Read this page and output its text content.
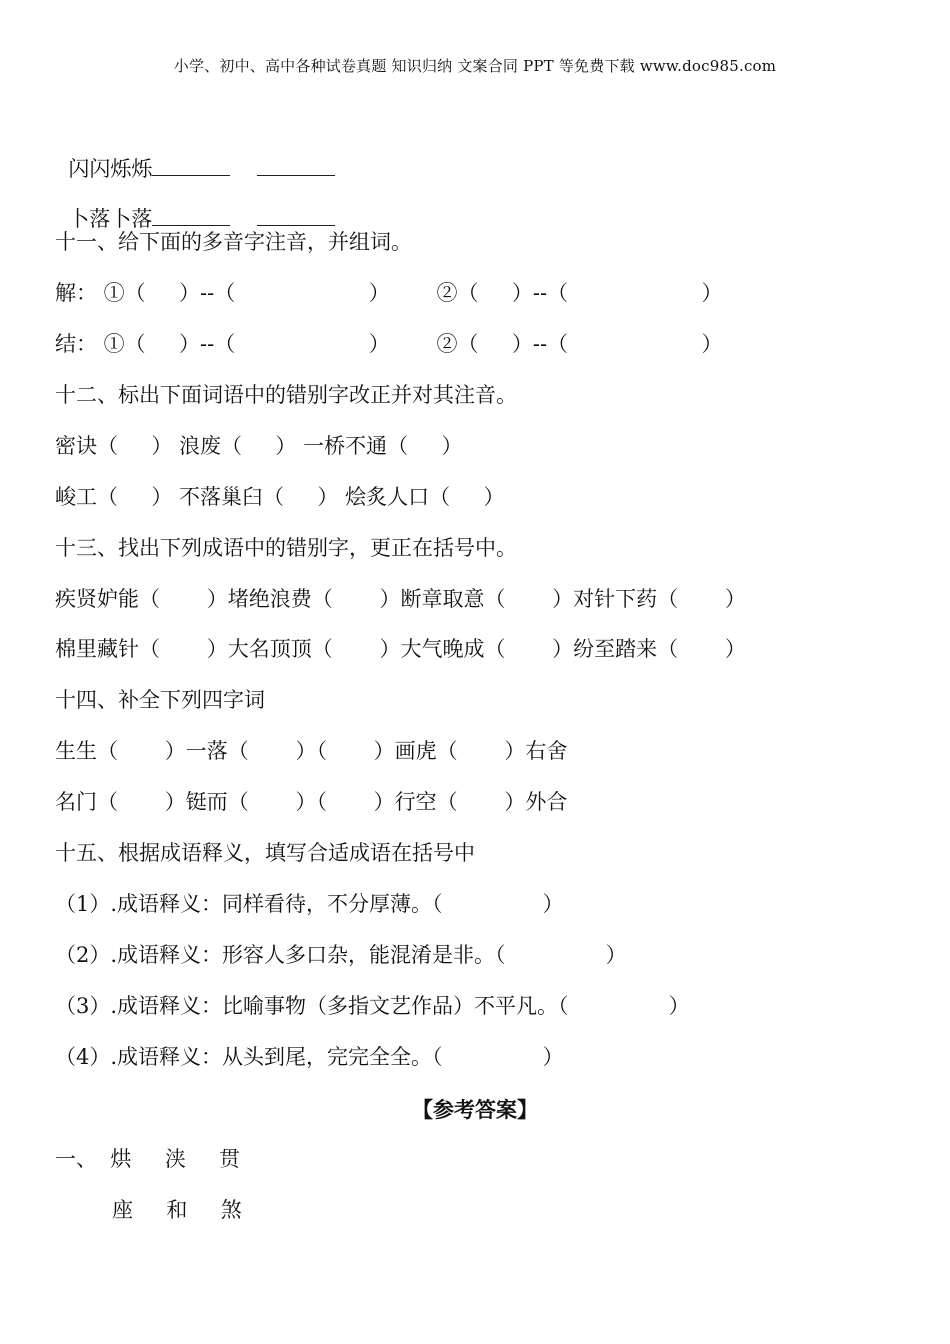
小学、初中、高中各种试卷真题 知识归纳 文案合同 PPT 等免费下载 www.doc985.com

闪闪烁烁

卜落卜落

十一、给下面的多音字注音，并组词。
解： ①（     ）--（                    ）       ②（     ）--（                    ）
结： ①（     ）--（                    ）       ②（     ）--（                    ）
十二、标出下面词语中的错别字改正并对其注音。
密诀（     ） 浪废（     ） 一桥不通（     ）
峻工（     ） 不落巢臼（     ） 烩炙人口（     ）
十三、找出下列成语中的错别字，更正在括号中。
疾贤妒能（       ）堵绝浪费（       ）断章取意（       ）对针下药（       ）
棉里藏针（       ）大名顶顶（       ）大气晚成（       ）纷至踏来（       ）
十四、补全下列四字词
生生（       ）一落（       ）（       ）画虎（       ）右舍
名门（       ）铤而（       ）（       ）行空（       ）外合
十五、根据成语释义，填写合适成语在括号中
（1）.成语释义：同样看待，不分厚薄。（               ）
（2）.成语释义：形容人多口杂，能混淆是非。（               ）
（3）.成语释义：比喻事物（多指文艺作品）不平凡。（               ）
（4）.成语释义：从头到尾，完完全全。（               ）
【参考答案】
一、  烘     浃     贯
座     和     煞
